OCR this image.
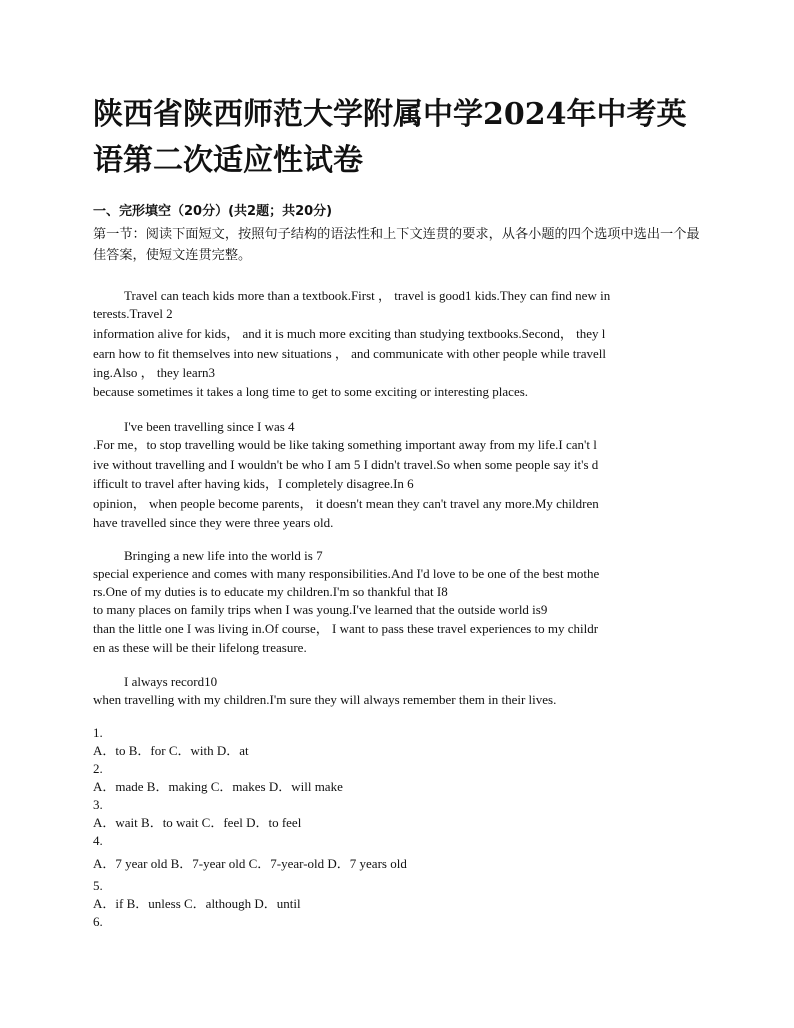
陕西省陕西师范大学附属中学2024年中考英语第二次适应性试卷

一、完形填空（20分）(共2题；共20分)

第一节：阅读下面短文，按照句子结构的语法性和上下文连贯的要求，从各小题的四个选项中选出一个最佳答案，使短文连贯完整。

Travel can teach kids more than a textbook.First ， travel is good1 kids.They can find new in

terests.Travel 2

information alive for kids， and it is much more exciting than studying textbooks.Second， they l

earn how to fit themselves into new situations ， and communicate with other people while travell

ing.Also ， they learn3

because sometimes it takes a long time to get to some exciting or interesting places.

I've been travelling since I was 4

.For me，to stop travelling would be like taking something important away from my life.I can't l

ive without travelling and I wouldn't be who I am 5 I didn't travel.So when some people say it's d

ifficult to travel after having kids，I completely disagree.In 6

opinion， when people become parents， it doesn't mean they can't travel any more.My children

have travelled since they were three years old.

Bringing a new life into the world is 7

special experience and comes with many responsibilities.And I'd love to be one of the best mothe

rs.One of my duties is to educate my children.I'm so thankful that I8

to many places on family trips when I was young.I've learned that the outside world is9

than the little one I was living in.Of course， I want to pass these travel experiences to my childr

en as these will be their lifelong treasure.

I always record10

when travelling with my children.I'm sure they will always remember them in their lives.

1.

A．to B．for C．with D．at

2.

A．made B．making C．makes D．will make

3.

A．wait B．to wait C．feel D．to feel

4.

A．7 year old B．7-year old C．7-year-old D．7 years old

5.

A．if B．unless C．although D．until

6.
